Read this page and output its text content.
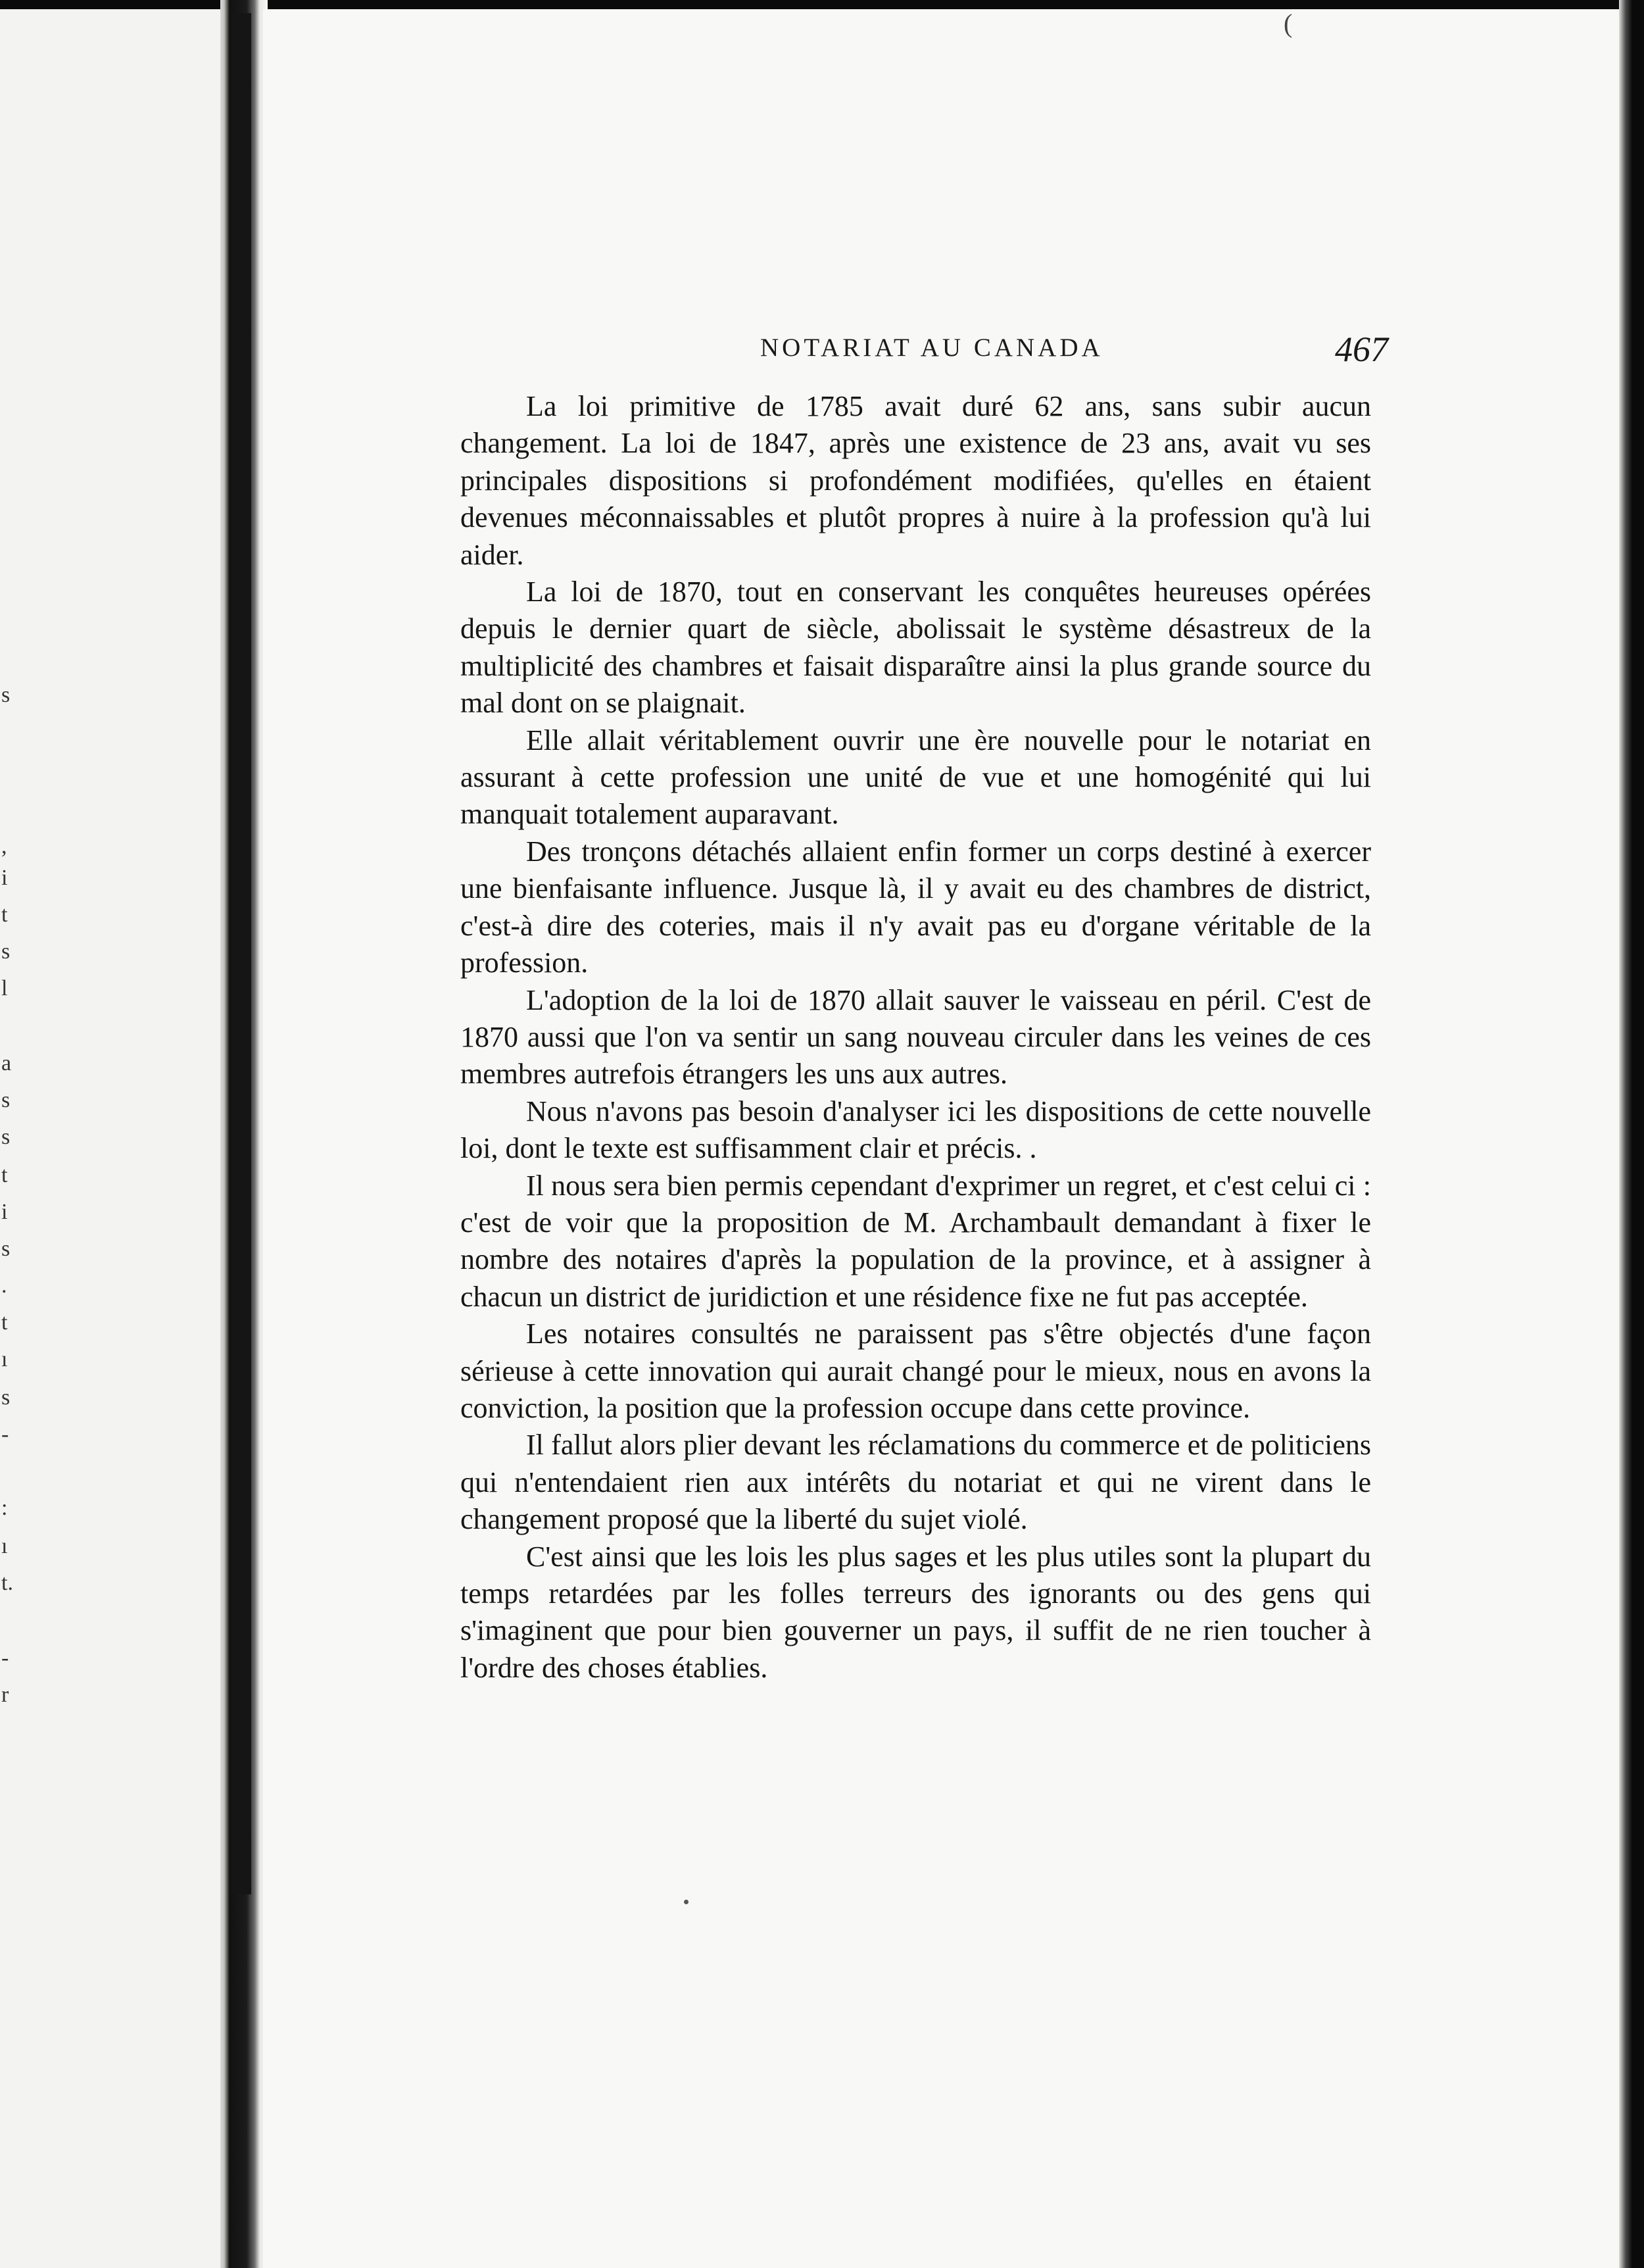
s
,
i
t
s
l
a
s
s
t
i
s
.
t
ı
s
-
:
ı
t.
-
r
(
NOTARIAT AU CANADA	467

La loi primitive de 1785 avait duré 62 ans, sans subir aucun changement. La loi de 1847, après une existence de 23 ans, avait vu ses principales dispositions si profondément modifiées, qu'elles en étaient devenues méconnaissables et plutôt propres à nuire à la profession qu'à lui aider.

La loi de 1870, tout en conservant les conquêtes heureuses opérées depuis le dernier quart de siècle, abolissait le système désastreux de la multiplicité des chambres et faisait disparaître ainsi la plus grande source du mal dont on se plaignait.

Elle allait véritablement ouvrir une ère nouvelle pour le notariat en assurant à cette profession une unité de vue et une homogénité qui lui manquait totalement auparavant.

Des tronçons détachés allaient enfin former un corps destiné à exercer une bienfaisante influence. Jusque là, il y avait eu des chambres de district, c'est-à dire des coteries, mais il n'y avait pas eu d'organe véritable de la profession.

L'adoption de la loi de 1870 allait sauver le vaisseau en péril. C'est de 1870 aussi que l'on va sentir un sang nouveau circuler dans les veines de ces membres autrefois étrangers les uns aux autres.

Nous n'avons pas besoin d'analyser ici les dispositions de cette nouvelle loi, dont le texte est suffisamment clair et précis. .

Il nous sera bien permis cependant d'exprimer un regret, et c'est celui ci : c'est de voir que la proposition de M. Archambault demandant à fixer le nombre des notaires d'après la population de la province, et à assigner à chacun un district de juridiction et une résidence fixe ne fut pas acceptée.

Les notaires consultés ne paraissent pas s'être objectés d'une façon sérieuse à cette innovation qui aurait changé pour le mieux, nous en avons la conviction, la position que la profession occupe dans cette province.

Il fallut alors plier devant les réclamations du commerce et de politiciens qui n'entendaient rien aux intérêts du notariat et qui ne virent dans le changement proposé que la liberté du sujet violé.

C'est ainsi que les lois les plus sages et les plus utiles sont la plupart du temps retardées par les folles terreurs des ignorants ou des gens qui s'imaginent que pour bien gouverner un pays, il suffit de ne rien toucher à l'ordre des choses établies.
